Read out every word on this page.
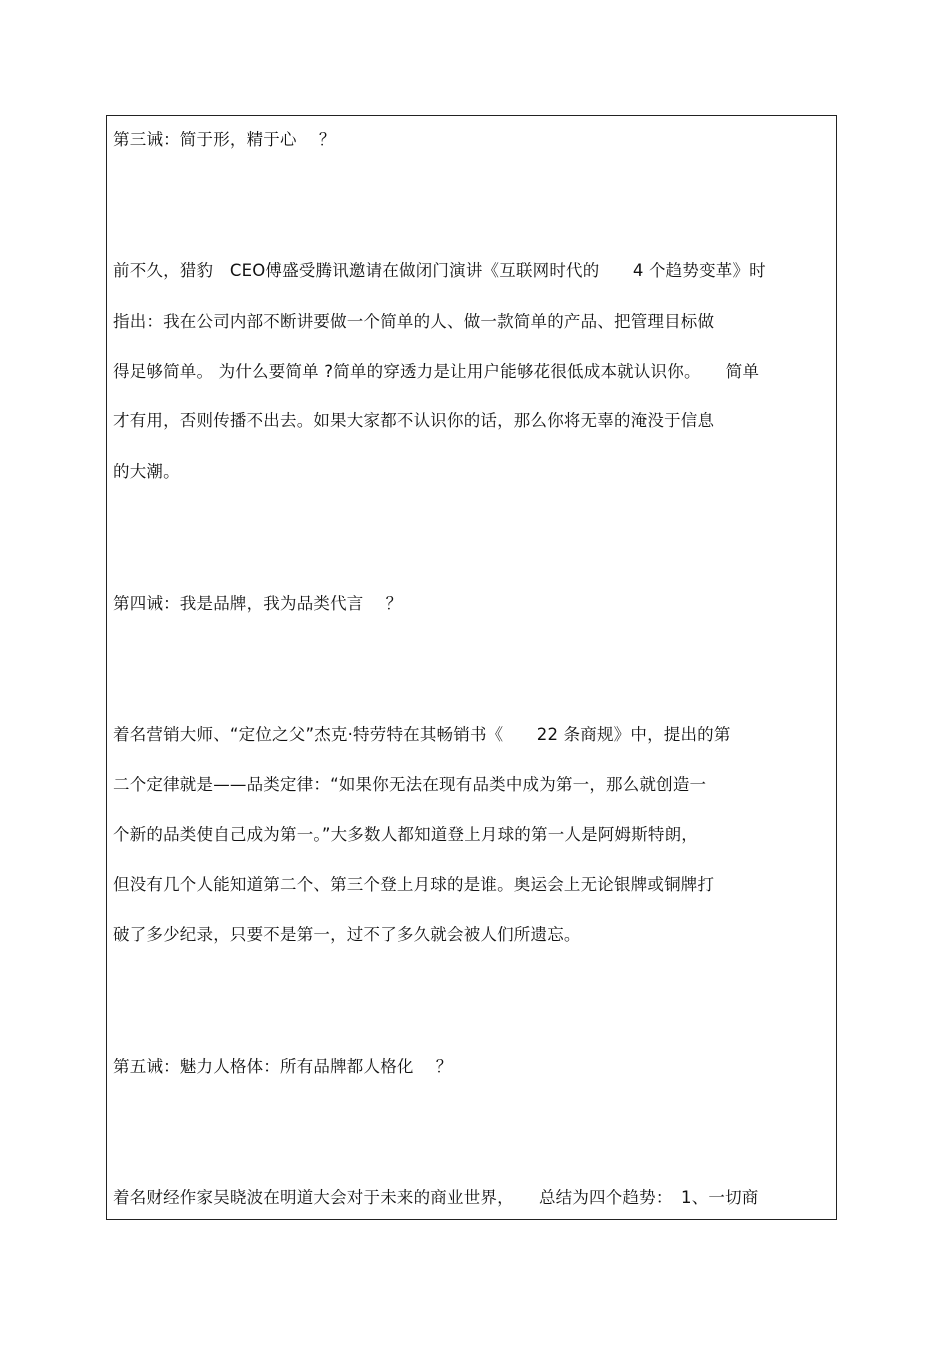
第三诫：简于形，精于心　 ？
前不久，猎豹　CEO傅盛受腾讯邀请在做闭门演讲《互联网时代的　　4 个趋势变革》时
指出：我在公司内部不断讲要做一个简单的人、做一款简单的产品、把管理目标做
得足够简单。 为什么要简单 ?简单的穿透力是让用户能够花很低成本就认识你。　　简单
才有用，否则传播不出去。如果大家都不认识你的话，那么你将无辜的淹没于信息
的大潮。
第四诫：我是品牌，我为品类代言　 ？
着名营销大师、“定位之父”杰克·特劳特在其畅销书《　　22 条商规》中，提出的第
二个定律就是——品类定律：“如果你无法在现有品类中成为第一，那么就创造一
个新的品类使自己成为第一。”大多数人都知道登上月球的第一人是阿姆斯特朗，
但没有几个人能知道第二个、第三个登上月球的是谁。奥运会上无论银牌或铜牌打
破了多少纪录，只要不是第一，过不了多久就会被人们所遗忘。
第五诫：魅力人格体：所有品牌都人格化　 ？
着名财经作家吴晓波在明道大会对于未来的商业世界，　　总结为四个趋势：　1、一切商
